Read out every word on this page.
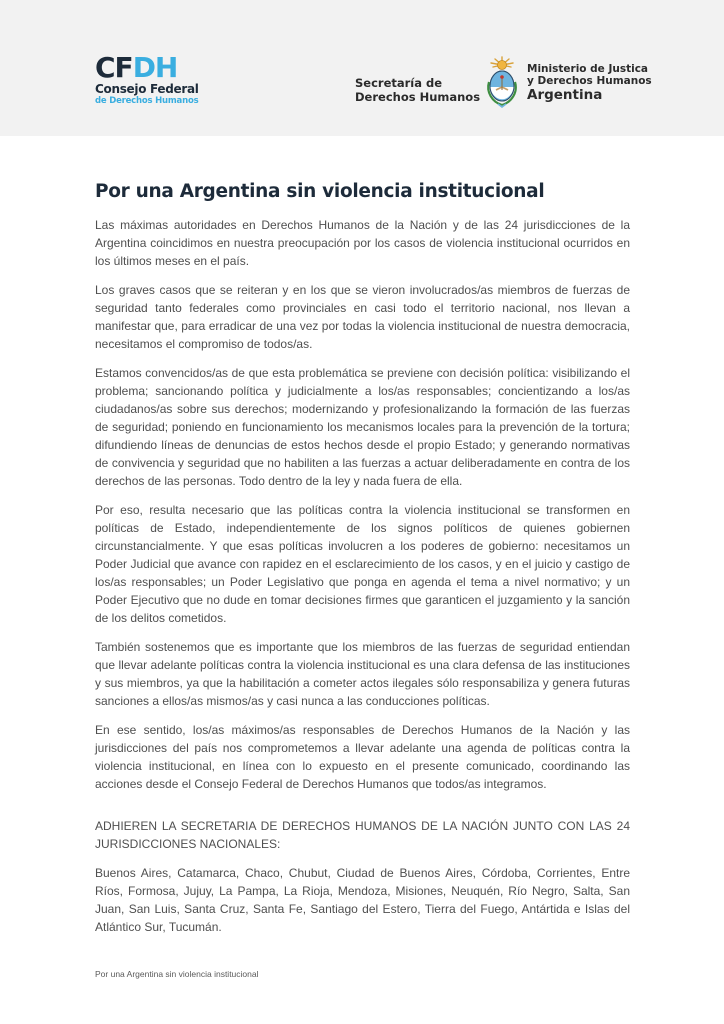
CFDH
Consejo Federal
de Derechos Humanos
Secretaría de
Derechos Humanos
Ministerio de Justica
y Derechos Humanos
Argentina
Por una Argentina sin violencia institucional

Las máximas autoridades en Derechos Humanos de la Nación y de las 24 jurisdicciones de la Argentina coincidimos en nuestra preocupación por los casos de violencia institucional ocurridos en los últimos meses en el país.

Los graves casos que se reiteran y en los que se vieron involucrados/as miembros de fuerzas de seguridad tanto federales como provinciales en casi todo el territorio nacional, nos llevan a manifestar que, para erradicar de una vez por todas la violencia institucional de nuestra democracia, necesitamos el compromiso de todos/as.

Estamos convencidos/as de que esta problemática se previene con decisión política: visibilizando el problema; sancionando política y judicialmente a los/as responsables; concientizando a los/as ciudadanos/as sobre sus derechos; modernizando y profesionalizando la formación de las fuerzas de seguridad; poniendo en funcionamiento los mecanismos locales para la prevención de la tortura; difundiendo líneas de denuncias de estos hechos desde el propio Estado; y generando normativas de convivencia y seguridad que no habiliten a las fuerzas a actuar deliberadamente en contra de los derechos de las personas. Todo dentro de la ley y nada fuera de ella.

Por eso, resulta necesario que las políticas contra la violencia institucional se transformen en políticas de Estado, independientemente de los signos políticos de quienes gobiernen circunstancialmente. Y que esas políticas involucren a los poderes de gobierno: necesitamos un Poder Judicial que avance con rapidez en el esclarecimiento de los casos, y en el juicio y castigo de los/as responsables; un Poder Legislativo que ponga en agenda el tema a nivel normativo; y un Poder Ejecutivo que no dude en tomar decisiones firmes que garanticen el juzgamiento y la sanción de los delitos cometidos.

También sostenemos que es importante que los miembros de las fuerzas de seguridad entiendan que llevar adelante políticas contra la violencia institucional es una clara defensa de las instituciones y sus miembros, ya que la habilitación a cometer actos ilegales sólo responsabiliza y genera futuras sanciones a ellos/as mismos/as y casi nunca a las conducciones políticas.

En ese sentido, los/as máximos/as responsables de Derechos Humanos de la Nación y las jurisdicciones del país nos comprometemos a llevar adelante una agenda de políticas contra la violencia institucional, en línea con lo expuesto en el presente comunicado, coordinando las acciones desde el Consejo Federal de Derechos Humanos que todos/as integramos.

ADHIEREN LA SECRETARIA DE DERECHOS HUMANOS DE LA NACIÓN JUNTO CON LAS 24 JURISDICCIONES NACIONALES:

Buenos Aires, Catamarca, Chaco, Chubut, Ciudad de Buenos Aires, Córdoba, Corrientes, Entre Ríos, Formosa, Jujuy, La Pampa, La Rioja, Mendoza, Misiones, Neuquén, Río Negro, Salta, San Juan, San Luis, Santa Cruz, Santa Fe, Santiago del Estero, Tierra del Fuego, Antártida e Islas del Atlántico Sur, Tucumán.

Por una Argentina sin violencia institucional
